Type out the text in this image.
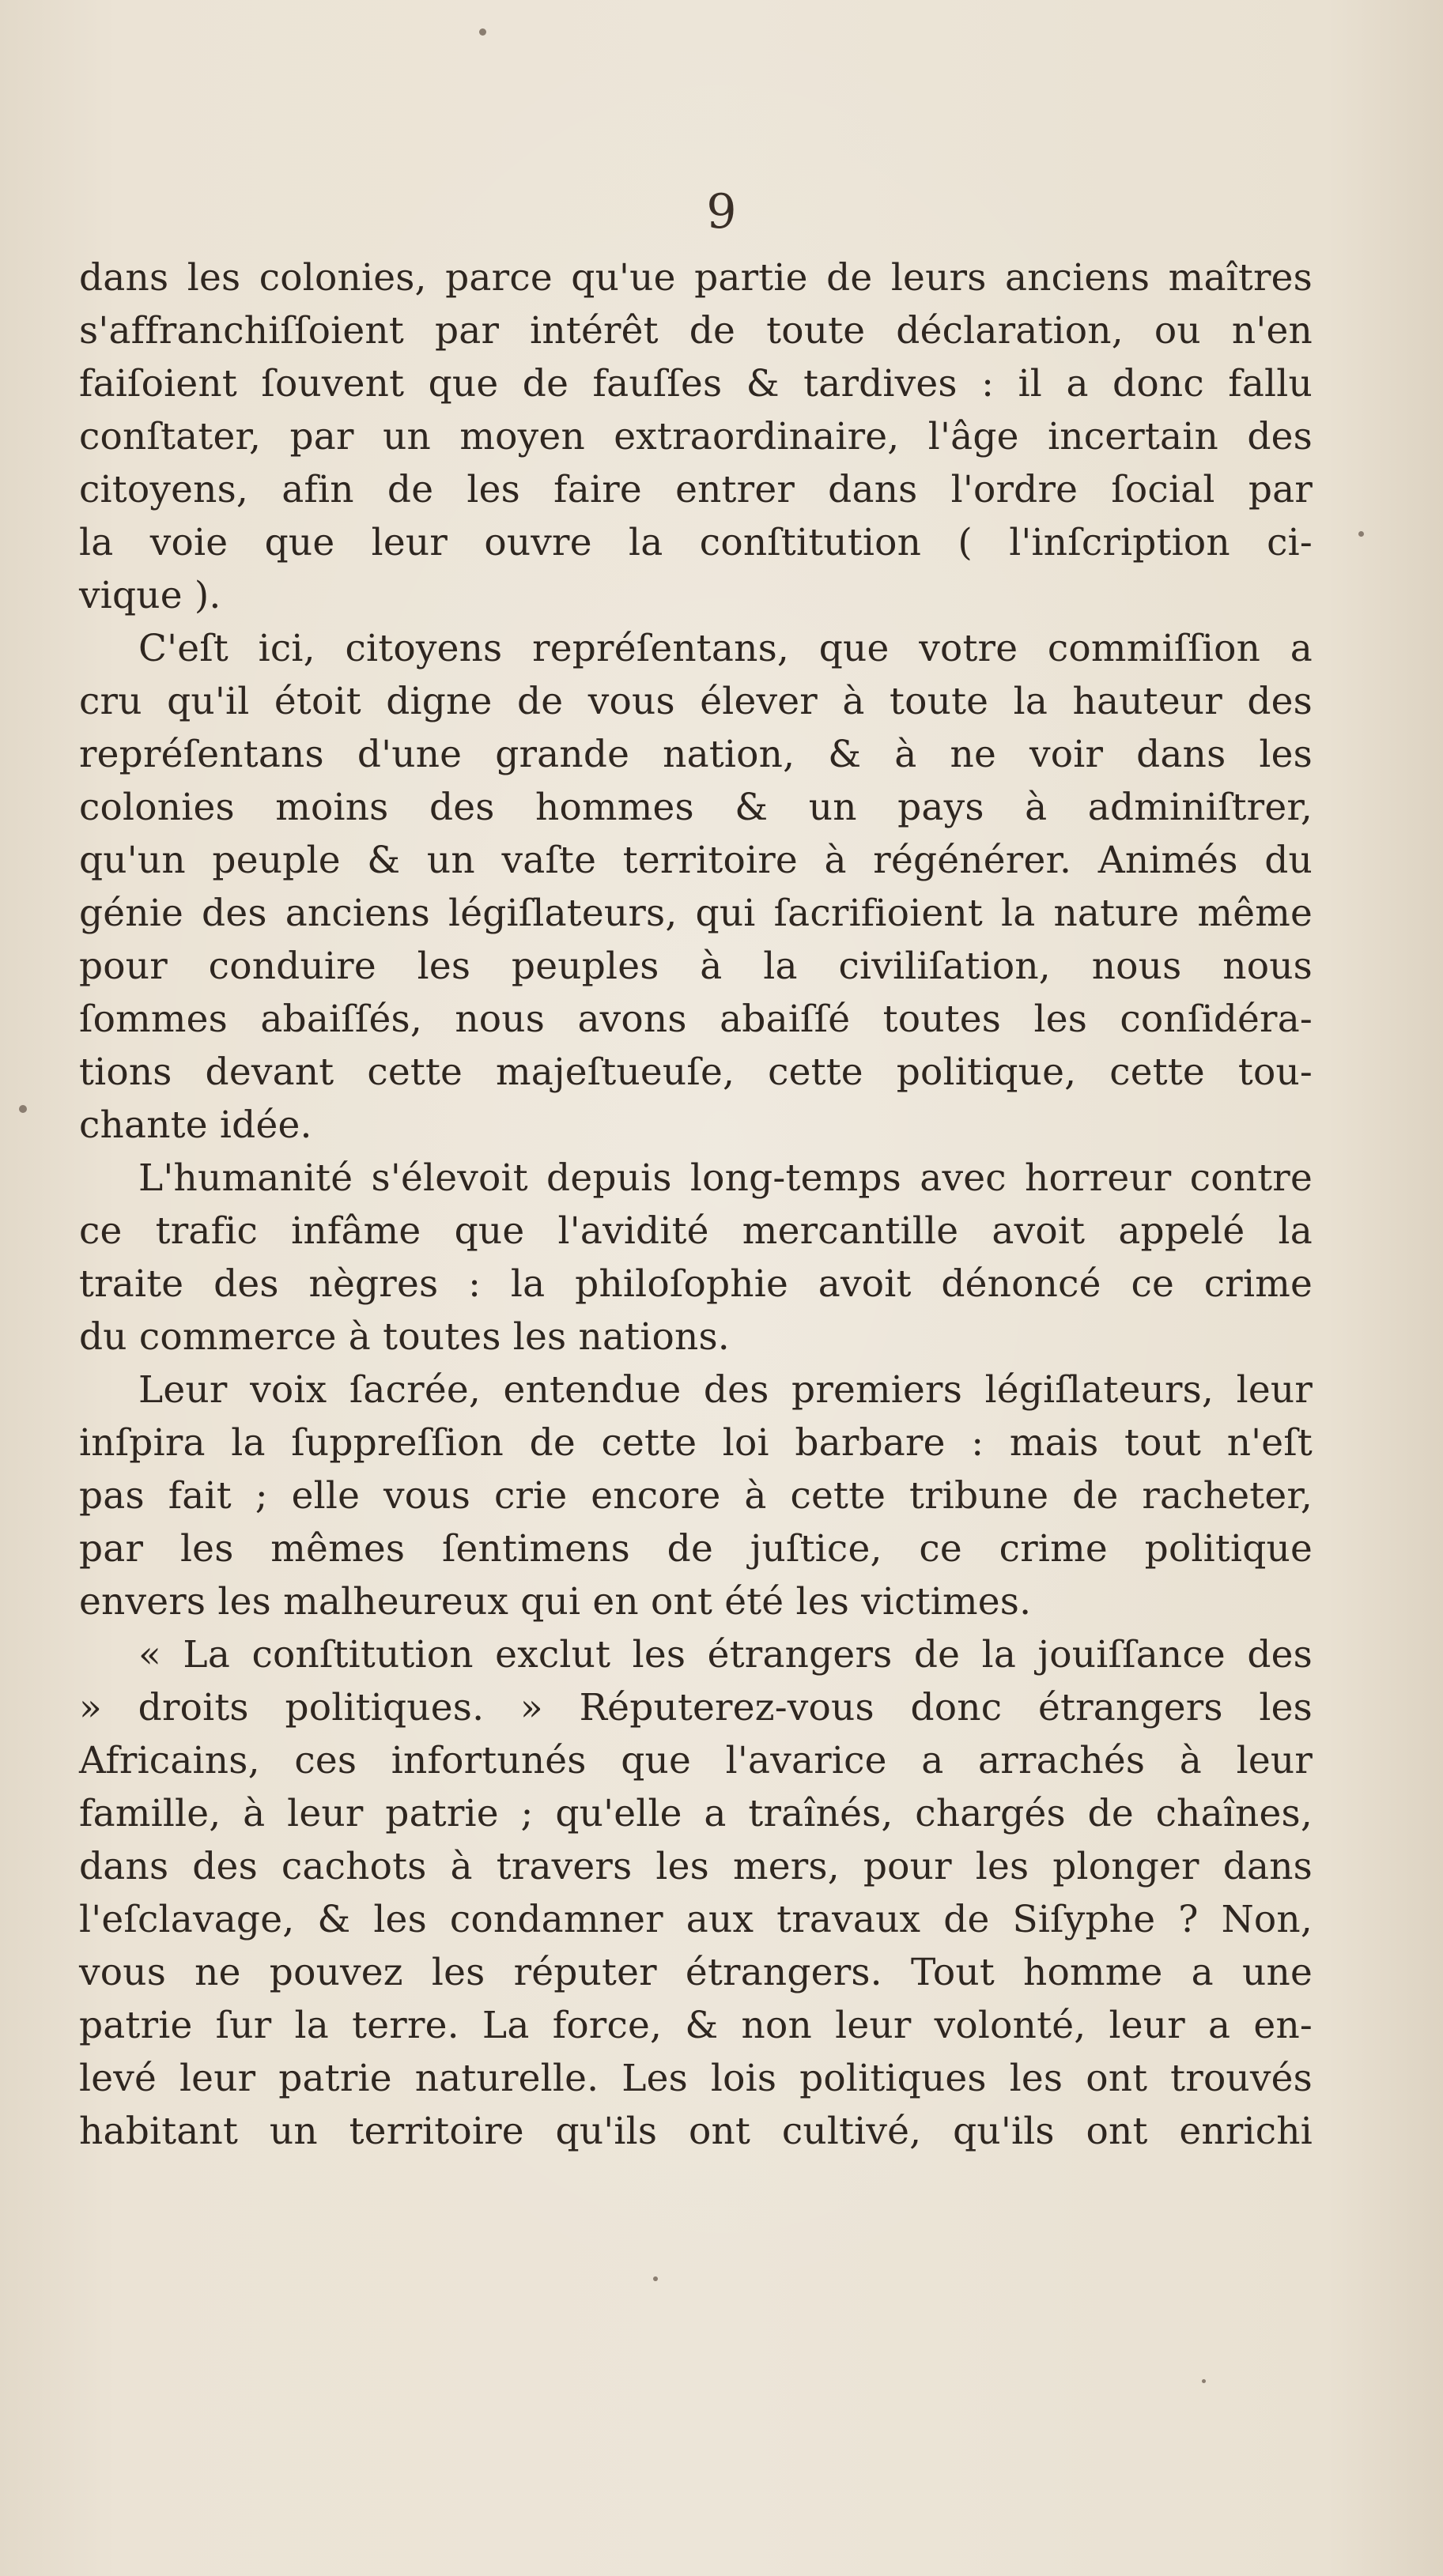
9
dans les colonies, parce qu'ue partie de leurs anciens maîtres
s'affranchiſſoient par intérêt de toute déclaration, ou n'en
faiſoient ſouvent que de fauſſes & tardives : il a donc fallu
conſtater, par un moyen extraordinaire, l'âge incertain des
citoyens, afin de les faire entrer dans l'ordre ſocial par
la voie que leur ouvre la conſtitution ( l'inſcription ci-
vique ).
C'eſt ici, citoyens repréſentans, que votre commiſſion a
cru qu'il étoit digne de vous élever à toute la hauteur des
repréſentans d'une grande nation, & à ne voir dans les
colonies moins des hommes & un pays à adminiſtrer,
qu'un peuple & un vaſte territoire à régénérer. Animés du
génie des anciens légiſlateurs, qui ſacrifioient la nature même
pour conduire les peuples à la civiliſation, nous nous
ſommes abaiſſés, nous avons abaiſſé toutes les conſidéra-
tions devant cette majeſtueuſe, cette politique, cette tou-
chante idée.
L'humanité s'élevoit depuis long-temps avec horreur contre
ce trafic infâme que l'avidité mercantille avoit appelé la
traite des nègres : la philoſophie avoit dénoncé ce crime
du commerce à toutes les nations.
Leur voix ſacrée, entendue des premiers légiſlateurs, leur
inſpira la ſuppreſſion de cette loi barbare : mais tout n'eſt
pas fait ; elle vous crie encore à cette tribune de racheter,
par les mêmes ſentimens de juſtice, ce crime politique
envers les malheureux qui en ont été les victimes.
« La conſtitution exclut les étrangers de la jouiſſance des
» droits politiques. » Réputerez-vous donc étrangers les
Africains, ces infortunés que l'avarice a arrachés à leur
famille, à leur patrie ; qu'elle a traînés, chargés de chaînes,
dans des cachots à travers les mers, pour les plonger dans
l'eſclavage, & les condamner aux travaux de Siſyphe ? Non,
vous ne pouvez les réputer étrangers. Tout homme a une
patrie ſur la terre. La force, & non leur volonté, leur a en-
levé leur patrie naturelle. Les lois politiques les ont trouvés
habitant un territoire qu'ils ont cultivé, qu'ils ont enrichi
